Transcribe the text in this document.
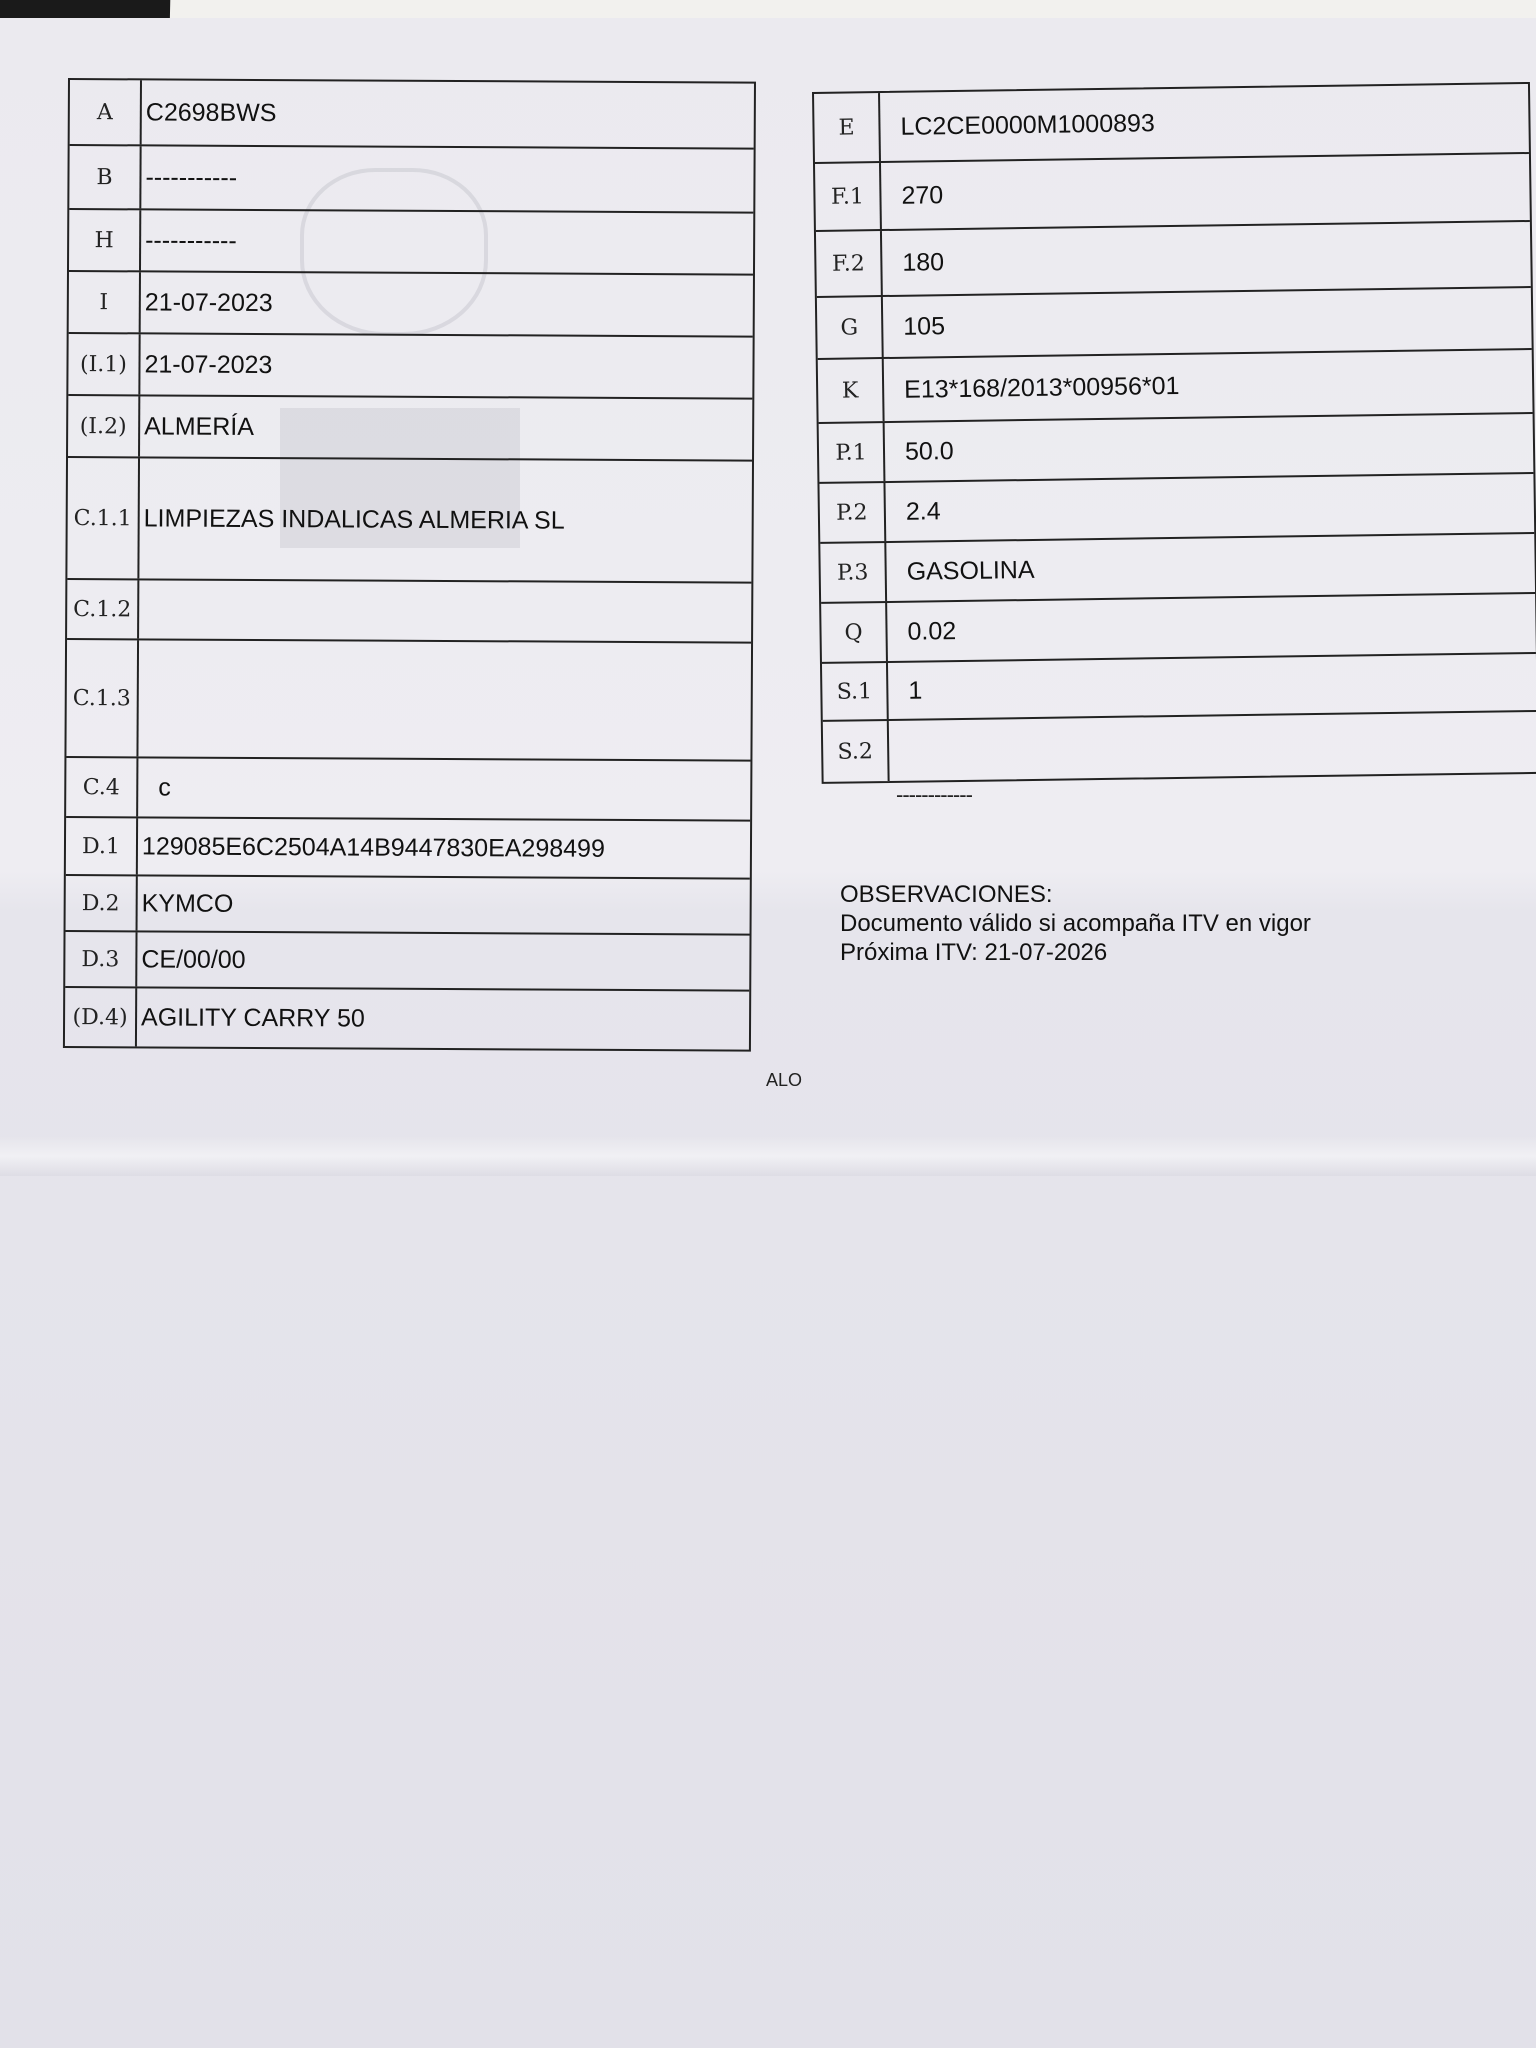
A	C2698BWS
B	-----------
H	-----------
I	21-07-2023
(I.1) 21-07-2023
(I.2) ALMERÍA
C.1.1 LIMPIEZAS INDALICAS ALMERIA SL
C.1.2
C.1.3
C.4	c
D.1 129085E6C2504A14B9447830EA298499
D.2 KYMCO
D.3 CE/00/00
(D.4) AGILITY CARRY 50
E	LC2CE0000M1000893
F.1	270
F.2	180
G	105
K	E13*168/2013*00956*01
P.1	50.0
P.2	2.4
P.3	GASOLINA
Q	0.02
S.1	1
S.2
------------
OBSERVACIONES:
Documento válido si acompaña ITV en vigor
Próxima ITV: 21-07-2026
ALO
